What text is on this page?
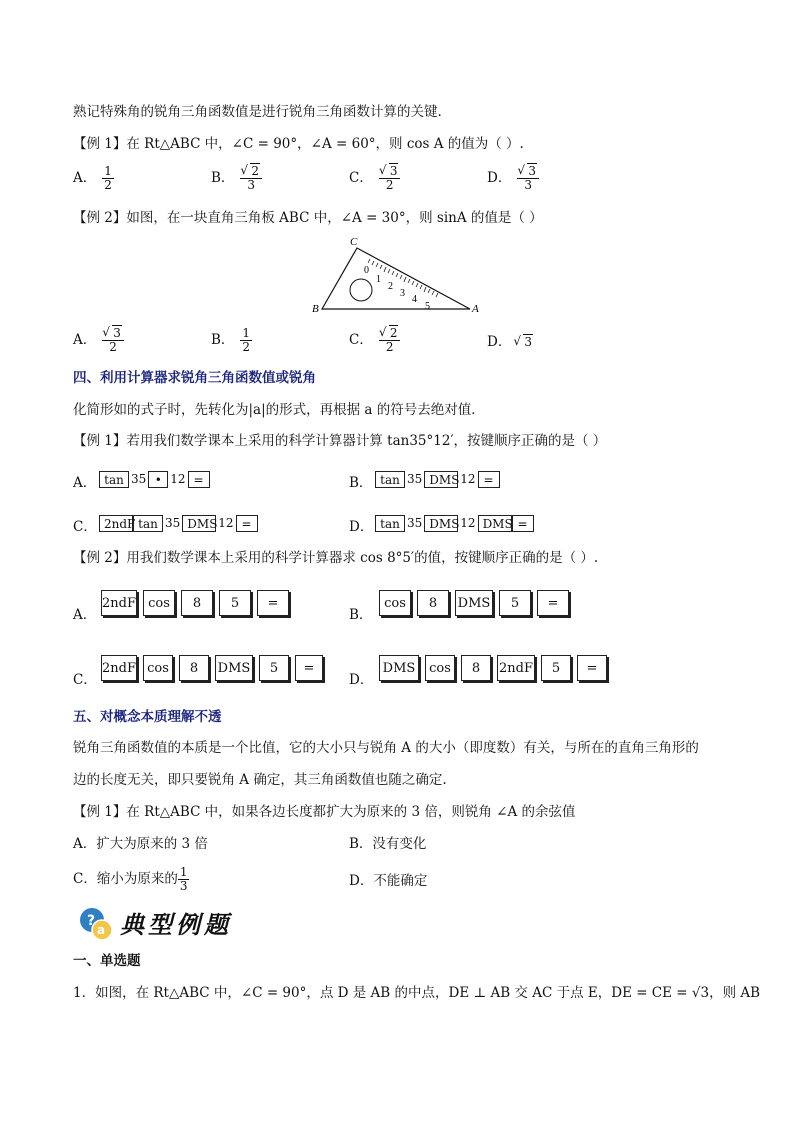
熟记特殊角的锐角三角函数值是进行锐角三角函数计算的关键.
【例 1】在 Rt△ABC 中，∠C = 90°，∠A = 60°，则 cos A 的值为（ ）.
A． $\frac{1}{2}$	B． √ $\frac{2}{3}$	C． √ $\frac{3}{2}$	D． √ $\frac{3}{3}$
【例 2】如图，在一块直角三角板 ABC 中，∠A = 30°，则 sinA 的值是（ ）
C
B	A
0
1
2
3
4
5
A． √ $\frac{3}{2}$	B． $\frac{1}{2}$	C． √ $\frac{2}{2}$	D． √ 3
四、利用计算器求锐角三角函数值或锐角
化简形如的式子时，先转化为|a|的形式，再根据 a 的符号去绝对值．
【例 1】若用我们数学课本上采用的科学计算器计算 tan35°12′，按键顺序正确的是（ ）
A． tan 35 • 12 =	B． tan 35 DMS12 =
C． 2ndF tan 35 DMS12 =	D． tan 35 DMS12 DMS =
【例 2】用我们数学课本上采用的科学计算器求 cos 8°5′的值，按键顺序正确的是（ ）.
A．2ndF cos 8 5 =
B．cos 8 DMS 5 =
C．2ndF cos 8 DMS 5 =
D．DMS cos 8 2ndF 5 =
五、对概念本质理解不透
锐角三角函数值的本质是一个比值，它的大小只与锐角 A 的大小（即度数）有关，与所在的直角三角形的
边的长度无关，即只要锐角 A 确定，其三角函数值也随之确定.
【例 1】在 Rt△ABC 中，如果各边长度都扩大为原来的 3 倍，则锐角 ∠A 的余弦值
A．扩大为原来的 3 倍	B．没有变化
C．缩小为原来的 $\frac{1}{3}$	D．不能确定
?
a 典型例题
一、单选题
1．如图，在 Rt△ABC 中，∠C = 90°，点 D 是 AB 的中点，DE ⊥ AB 交 AC 于点 E，DE = CE = √3，则 AB
